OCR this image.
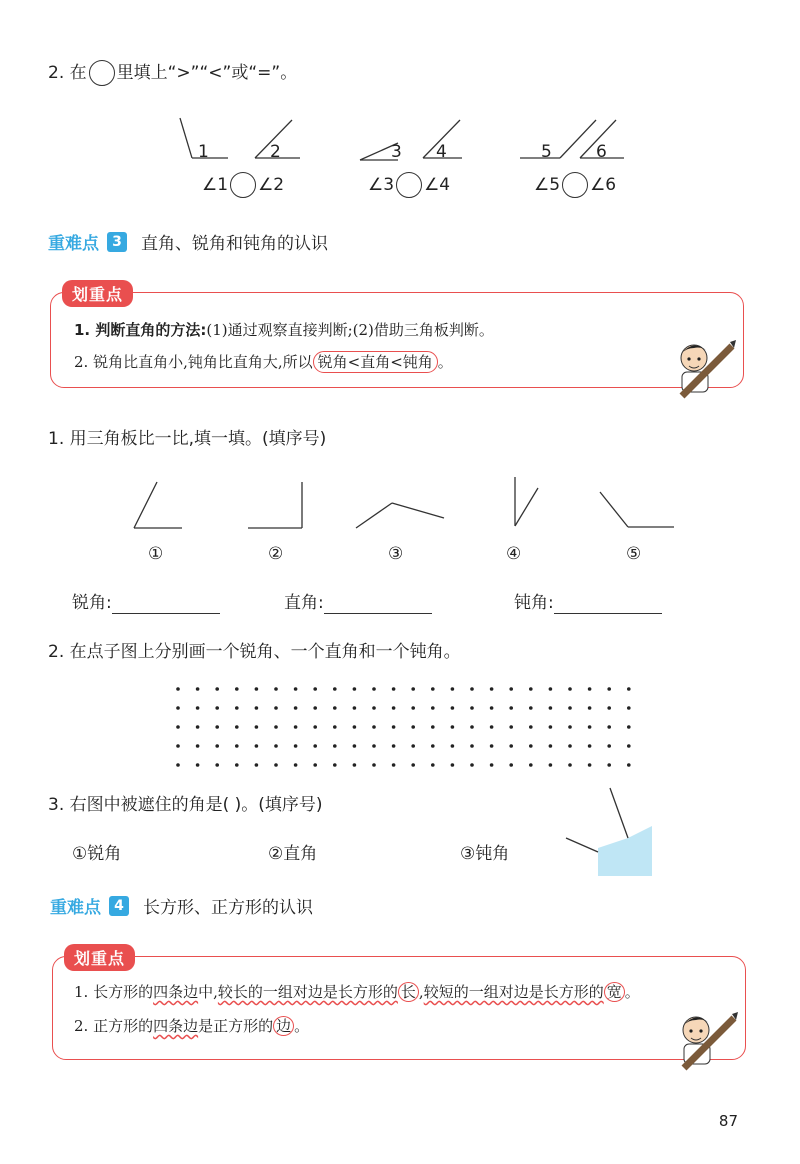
2. 在 里填上“>”“<”或“=”。
1	2	3 4	5	6
∠1 ∠2	∠3 ∠4	∠5 ∠6
重难点 3	直角、锐角和钝角的认识
划重点
1. 判断直角的方法:(1)通过观察直接判断;(2)借助三角板判断。
2. 锐角比直角小,钝角比直角大,所以 锐角<直角<钝角 。
1. 用三角板比一比,填一填。(填序号)
①	②	③	④	⑤
锐角:	直角:	钝角:
2. 在点子图上分别画一个锐角、一个直角和一个钝角。
3. 右图中被遮住的角是( )。(填序号)
①锐角	②直角	③钝角
重难点 4	长方形、正方形的认识
划重点
1. 长方形的四条边中,较长的一组对边是长方形的 长 ,较短的一组对边是长方形的 宽 。
2. 正方形的四条边是正方形的 边 。
87
